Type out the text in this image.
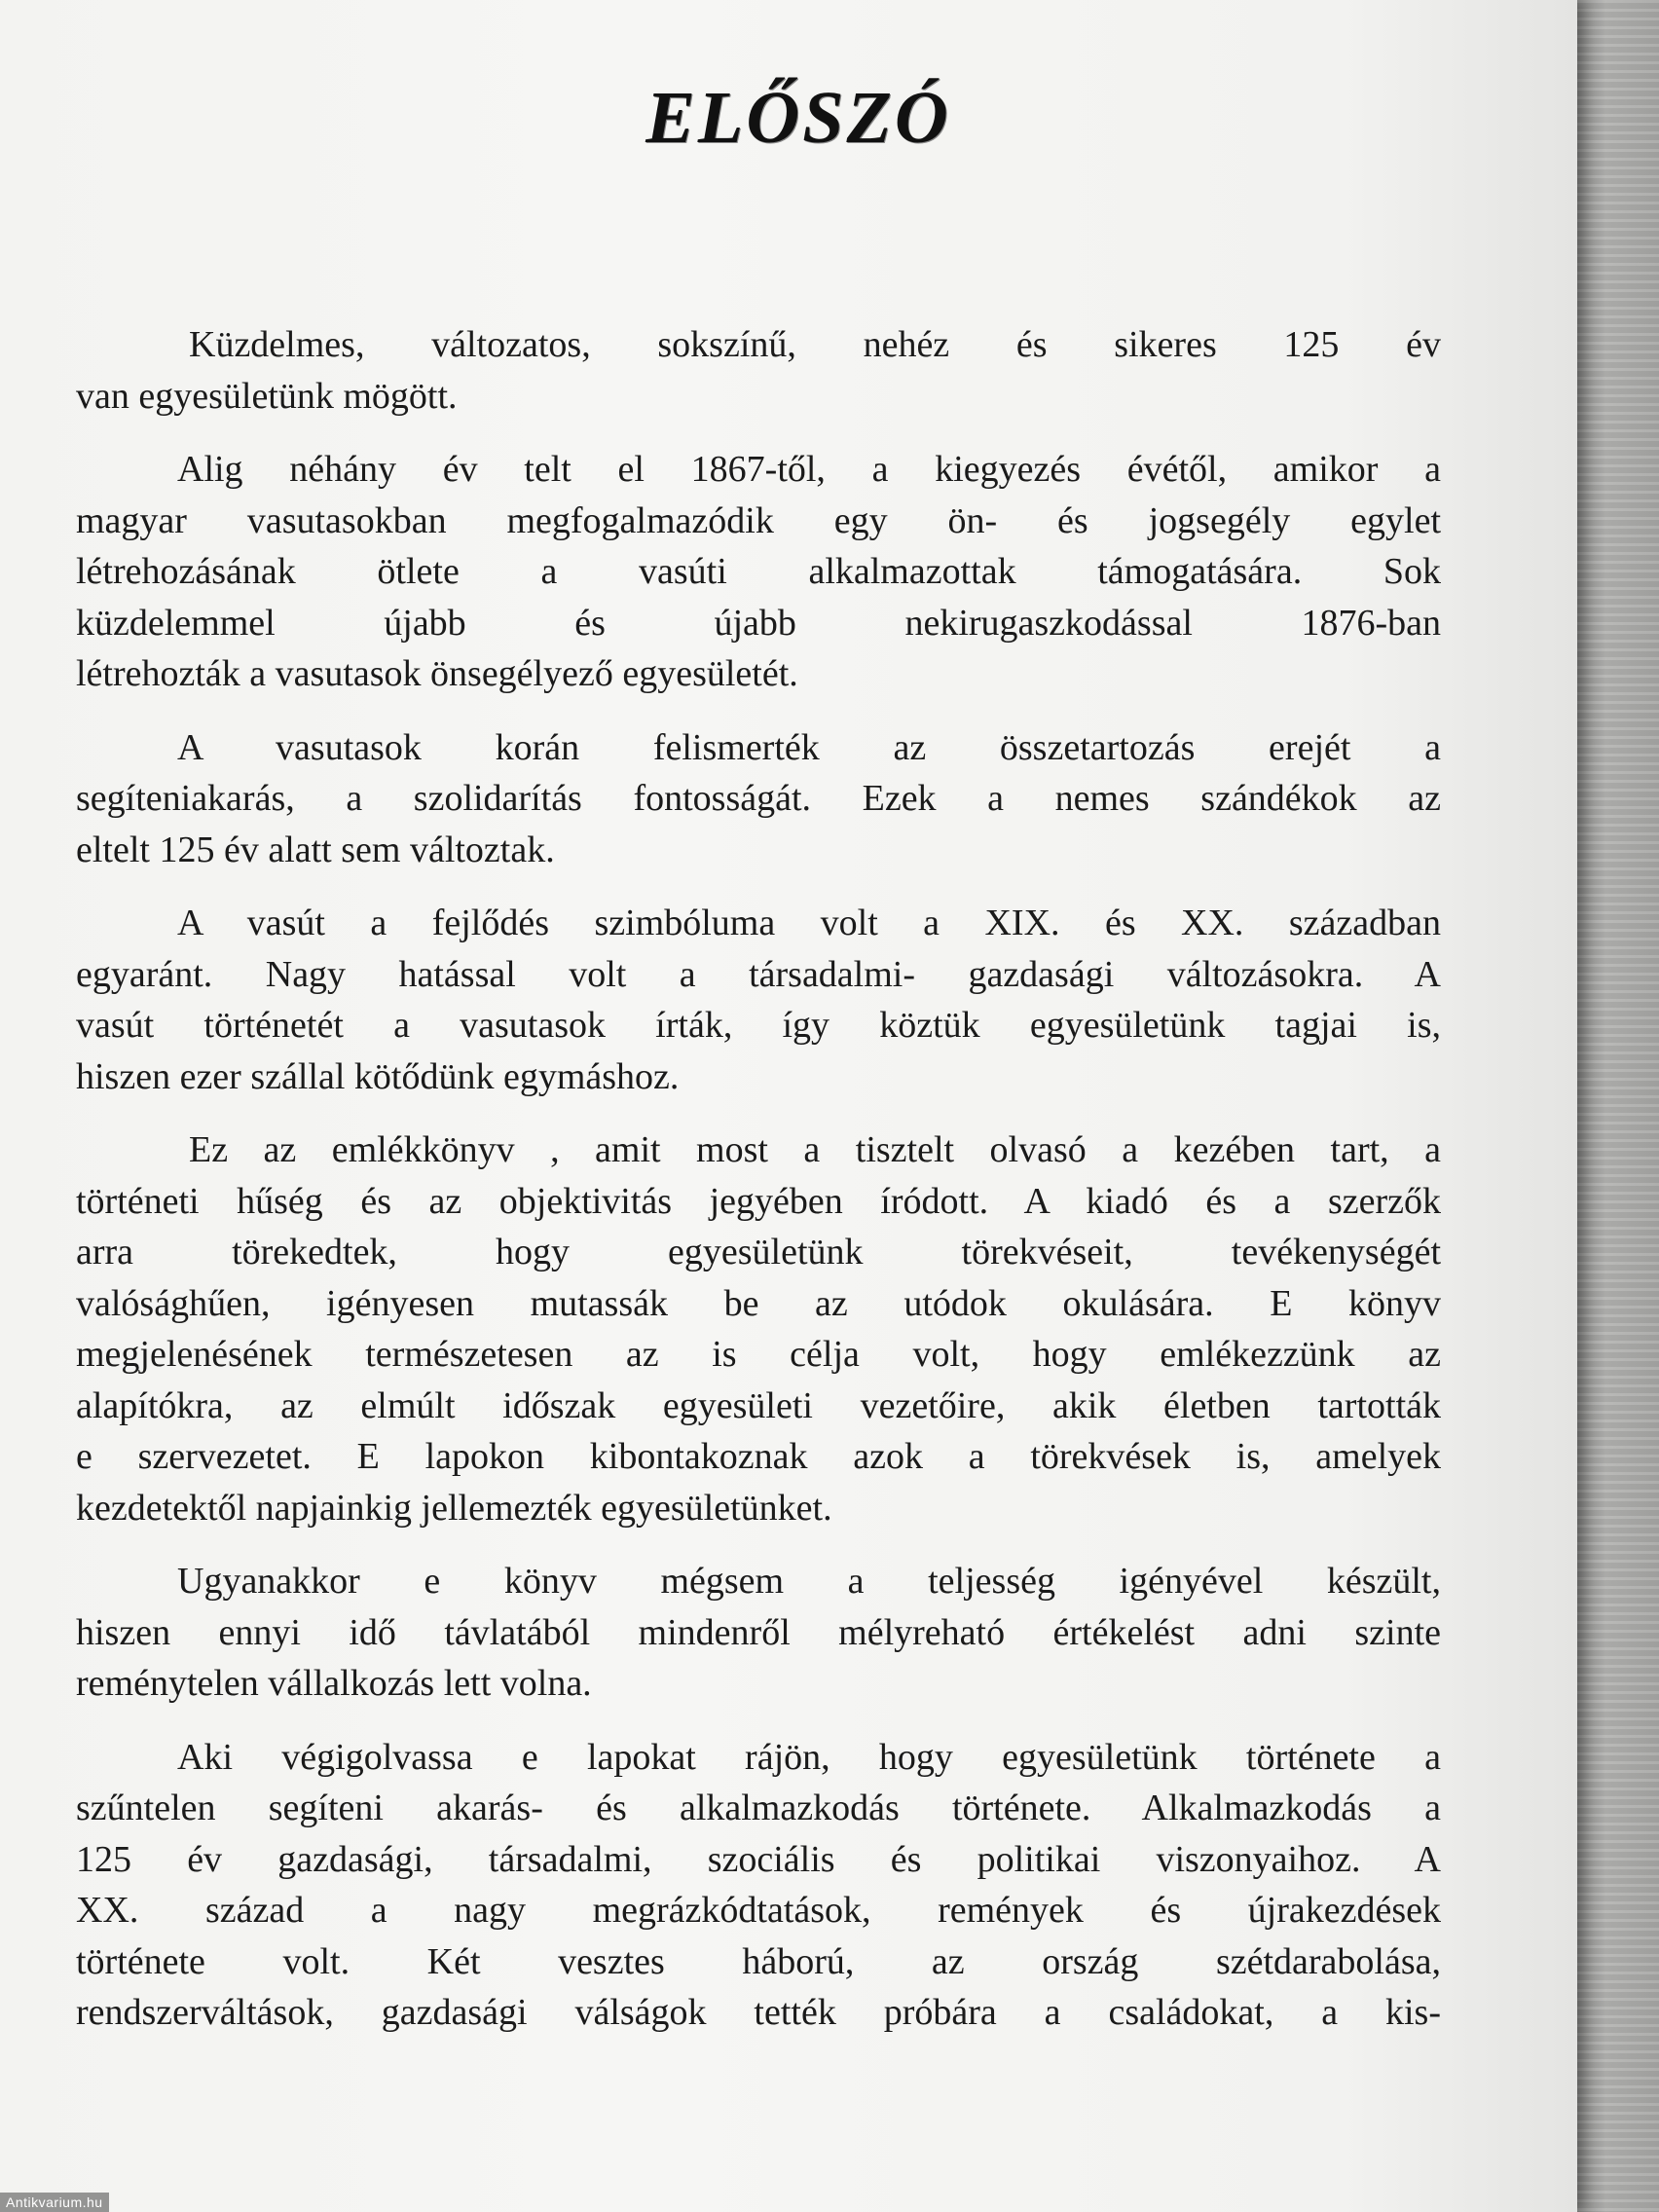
ELŐSZÓ

Küzdelmes, változatos, sokszínű, nehéz és sikeres 125 év
van egyesületünk mögött.

Alig néhány év telt el 1867-től, a kiegyezés évétől, amikor a
magyar vasutasokban megfogalmazódik egy ön- és jogsegély egylet
létrehozásának ötlete a vasúti alkalmazottak támogatására. Sok
küzdelemmel újabb és újabb nekirugaszkodással 1876-ban
létrehozták a vasutasok önsegélyező egyesületét.

A vasutasok korán felismerték az összetartozás erejét a
segíteniakarás, a szolidarítás fontosságát. Ezek a nemes szándékok az
eltelt 125 év alatt sem változtak.

A vasút a fejlődés szimbóluma volt a XIX. és XX. században
egyaránt. Nagy hatással volt a társadalmi- gazdasági változásokra. A
vasút történetét a vasutasok írták, így köztük egyesületünk tagjai is,
hiszen ezer szállal kötődünk egymáshoz.

Ez az emlékkönyv , amit most a tisztelt olvasó a kezében tart, a
történeti hűség és az objektivitás jegyében íródott. A kiadó és a szerzők
arra törekedtek, hogy egyesületünk törekvéseit, tevékenységét
valósághűen, igényesen mutassák be az utódok okulására. E könyv
megjelenésének természetesen az is célja volt, hogy emlékezzünk az
alapítókra, az elmúlt időszak egyesületi vezetőire, akik életben tartották
e szervezetet. E lapokon kibontakoznak azok a törekvések is, amelyek
kezdetektől napjainkig jellemezték egyesületünket.

Ugyanakkor e könyv mégsem a teljesség igényével készült,
hiszen ennyi idő távlatából mindenről mélyreható értékelést adni szinte
reménytelen vállalkozás lett volna.

Aki végigolvassa e lapokat rájön, hogy egyesületünk története a
szűntelen segíteni akarás- és alkalmazkodás története. Alkalmazkodás a
125 év gazdasági, társadalmi, szociális és politikai viszonyaihoz. A
XX. század a nagy megrázkódtatások, remények és újrakezdések
története volt. Két vesztes háború, az ország szétdarabolása,
rendszerváltások, gazdasági válságok tették próbára a családokat, a kis-

Antikvarium.hu
